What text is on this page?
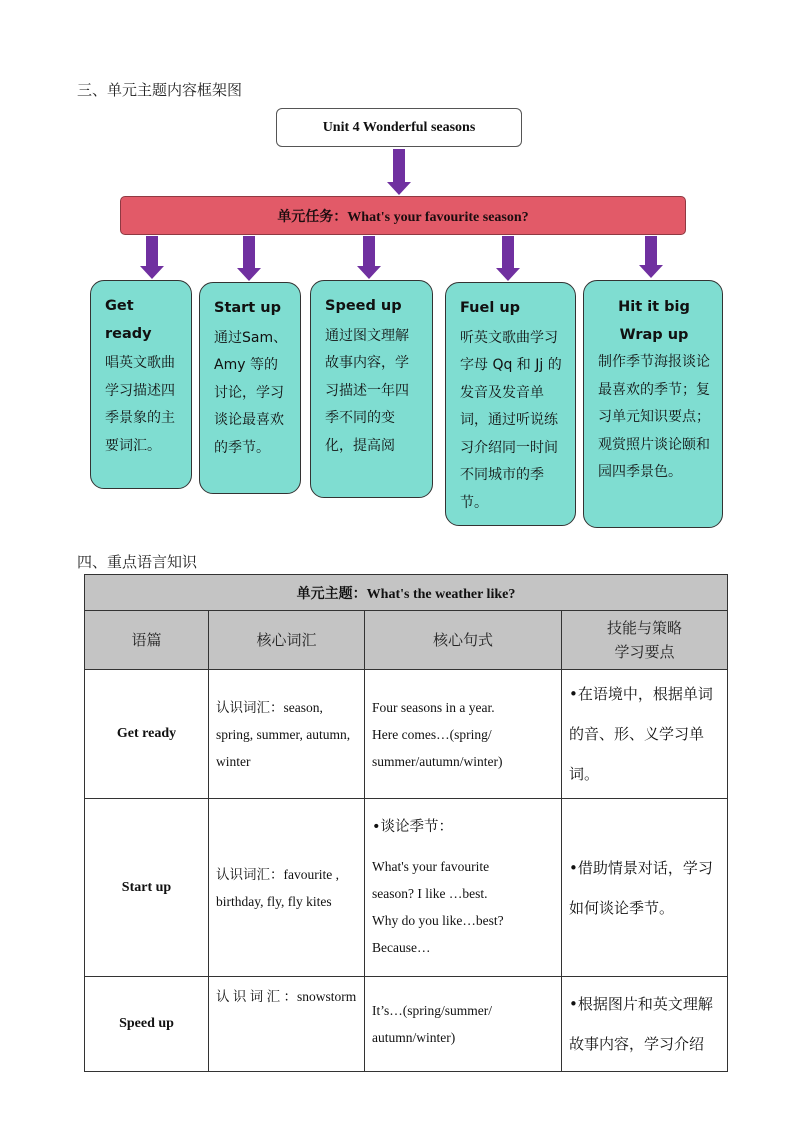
三、单元主题内容框架图
Unit 4 Wonderful seasons
单元任务：What's your favourite season?
Get ready
唱英文歌曲学习描述四季景象的主要词汇。
Start up
通过Sam、Amy 等的讨论，学习谈论最喜欢的季节。
Speed up
通过图文理解故事内容，学习描述一年四季不同的变化，提高阅
Fuel up
听英文歌曲学习字母 Qq 和 Jj 的发音及发音单词，通过听说练习介绍同一时间不同城市的季节。
Hit it big
Wrap up
制作季节海报谈论最喜欢的季节；复习单元知识要点；观赏照片谈论颐和园四季景色。
四、重点语言知识
单元主题：What's the weather like?			
语篇	核心词汇	核心句式	技能与策略
学习要点

Get ready	认识词汇：season, spring, summer, autumn, winter	Four seasons in a year.
Here comes…(spring/
summer/autumn/winter)	•在语境中，根据单词的音、形、义学习单词。
Start up	认识词汇：favourite , birthday, fly, fly kites	•谈论季节：
What's your favourite
season? I like …best.
Why do you like…best?
Because…	•借助情景对话，学习如何谈论季节。
Speed up	认 识 词 汇 ：snowstorm	It’s…(spring/summer/
autumn/winter)	•根据图片和英文理解故事内容，学习介绍
